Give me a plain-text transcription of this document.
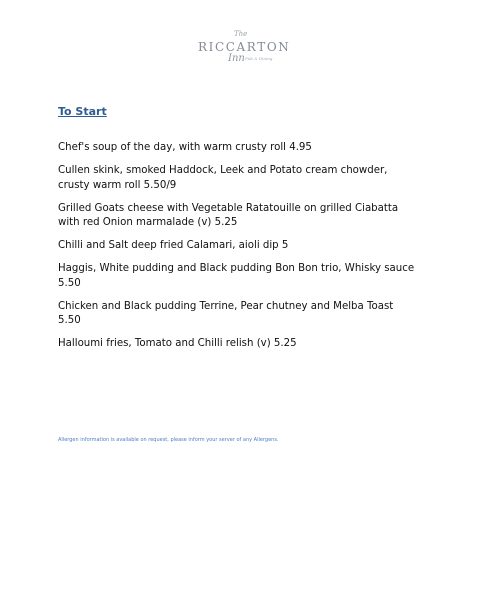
The
RICCARTON
Inn Pub & Dining
To Start
Chef's soup of the day, with warm crusty roll 4.95
Cullen skink, smoked Haddock, Leek and Potato cream chowder, crusty warm roll 5.50/9
Grilled Goats cheese with Vegetable Ratatouille on grilled Ciabatta with red Onion marmalade (v) 5.25
Chilli and Salt deep fried Calamari, aioli dip 5
Haggis, White pudding and Black pudding Bon Bon trio, Whisky sauce 5.50
Chicken and Black pudding Terrine, Pear chutney and Melba Toast 5.50
Halloumi fries, Tomato and Chilli relish (v) 5.25

Allergen information is available on request, please inform your server of any Allergens.
